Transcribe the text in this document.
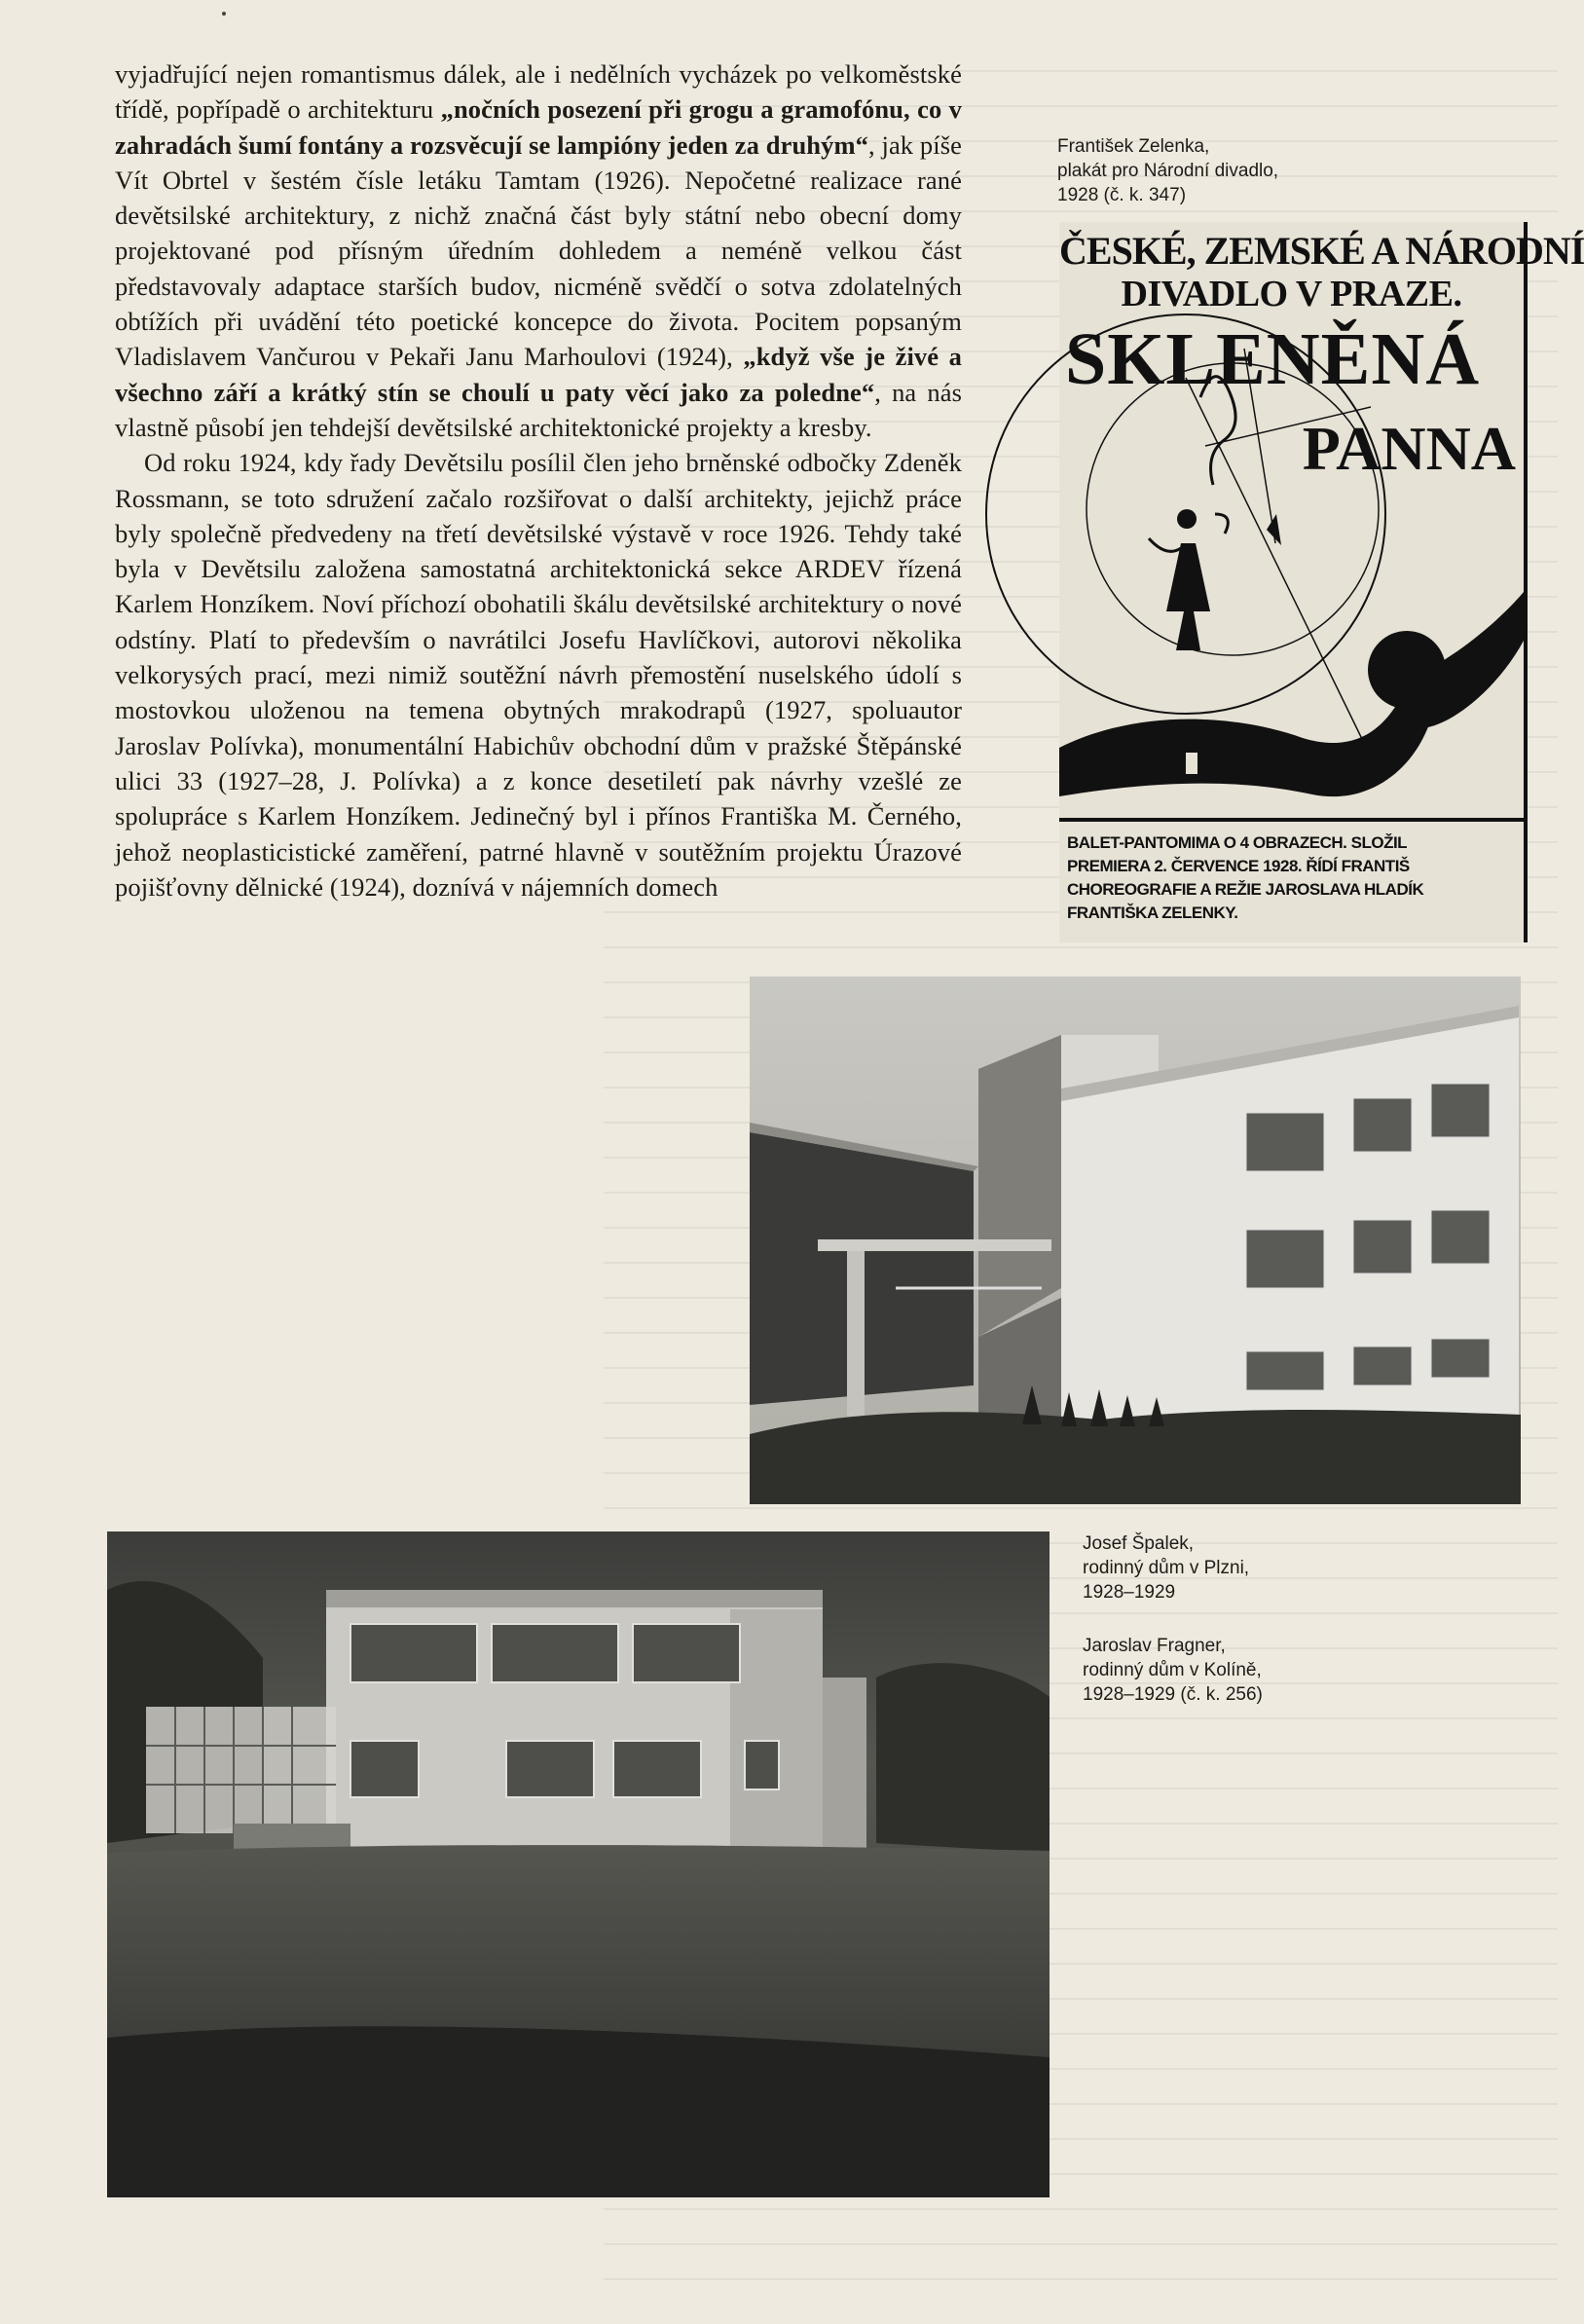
vyjadřující nejen romantismus dálek, ale i nedělních vycházek po velkoměstské třídě, popřípadě o architekturu „nočních posezení při grogu a gramofónu, co v zahradách šumí fontány a rozsvěcují se lampióny jeden za druhým“, jak píše Vít Obrtel v šestém čísle letáku Tamtam (1926). Nepočetné realizace rané devětsilské architektury, z nichž značná část byly státní nebo obecní domy projektované pod přísným úředním dohledem a neméně velkou část představovaly adaptace starších budov, nicméně svědčí o sotva zdolatelných obtížích při uvádění této poetické koncepce do života. Pocitem popsaným Vladislavem Vančurou v Pekaři Janu Marhoulovi (1924), „když vše je živé a všechno září a krátký stín se choulí u paty věcí jako za poledne“, na nás vlastně působí jen tehdejší devětsilské architektonické projekty a kresby.

Od roku 1924, kdy řady Devětsilu posílil člen jeho brněnské odbočky Zdeněk Rossmann, se toto sdružení začalo rozšiřovat o další architekty, jejichž práce byly společně předvedeny na třetí devětsilské výstavě v roce 1926. Tehdy také byla v Devětsilu založena samostatná architektonická sekce ARDEV řízená Karlem Honzíkem. Noví příchozí obohatili škálu devětsilské architektury o nové odstíny. Platí to především o navrátilci Josefu Havlíčkovi, autorovi několika velkorysých prací, mezi nimiž soutěžní návrh přemostění nuselského údolí s mostovkou uloženou na temena obytných mrakodrapů (1927, spoluautor Jaroslav Polívka), monumentální Habichův obchodní dům v pražské Štěpánské ulici 33 (1927–28, J. Polívka) a z konce desetiletí pak návrhy vzešlé ze spolupráce s Karlem Honzíkem. Jedinečný byl i přínos Františka M. Černého, jehož neoplasticistické zaměření, patrné hlavně v soutěžním projektu Úrazové pojišťovny dělnické (1924), doznívá v nájemních domech

František Zelenka,
plakát pro Národní divadlo,
1928 (č. k. 347)
ČESKÉ, ZEMSKÉ A NÁRODNÍ
DIVADLO V PRAZE.
SKLENĚNÁ
PANNA
BALET-PANTOMIMA O 4 OBRAZECH. SLOŽIL
PREMIERA 2. ČERVENCE 1928. ŘÍDÍ FRANTIŠ
CHOREOGRAFIE A REŽIE JAROSLAVA HLADÍK
FRANTIŠKA ZELENKY.
Josef Špalek,
rodinný dům v Plzni,
1928–1929
Jaroslav Fragner,
rodinný dům v Kolíně,
1928–1929 (č. k. 256)
